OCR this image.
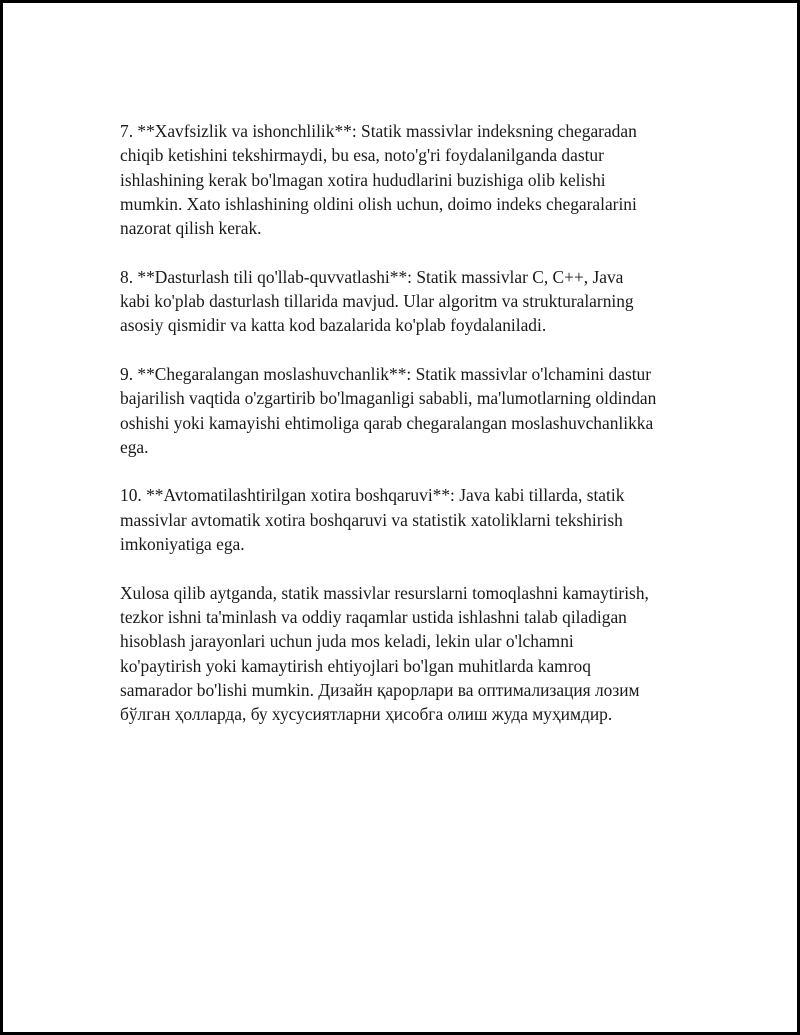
7. **Xavfsizlik va ishonchlilik**: Statik massivlar indeksning chegaradan
chiqib ketishini tekshirmaydi, bu esa, noto'g'ri foydalanilganda dastur
ishlashining kerak bo'lmagan xotira hududlarini buzishiga olib kelishi
mumkin. Xato ishlashining oldini olish uchun, doimo indeks chegaralarini
nazorat qilish kerak.

8. **Dasturlash tili qo'llab-quvvatlashi**: Statik massivlar C, C++, Java
kabi ko'plab dasturlash tillarida mavjud. Ular algoritm va strukturalarning
asosiy qismidir va katta kod bazalarida ko'plab foydalaniladi.

9. **Chegaralangan moslashuvchanlik**: Statik massivlar o'lchamini dastur
bajarilish vaqtida o'zgartirib bo'lmaganligi sababli, ma'lumotlarning oldindan
oshishi yoki kamayishi ehtimoliga qarab chegaralangan moslashuvchanlikka
ega.

10. **Avtomatilashtirilgan xotira boshqaruvi**: Java kabi tillarda, statik
massivlar avtomatik xotira boshqaruvi va statistik xatoliklarni tekshirish
imkoniyatiga ega.

Xulosa qilib aytganda, statik massivlar resurslarni tomoqlashni kamaytirish,
tezkor ishni ta'minlash va oddiy raqamlar ustida ishlashni talab qiladigan
hisoblash jarayonlari uchun juda mos keladi, lekin ular o'lchamni
ko'paytirish yoki kamaytirish ehtiyojlari bo'lgan muhitlarda kamroq
samarador bo'lishi mumkin. Дизайн қарорлари ва оптимализация лозим
бўлган ҳолларда, бу хусусиятларни ҳисобга олиш жуда муҳимдир.
